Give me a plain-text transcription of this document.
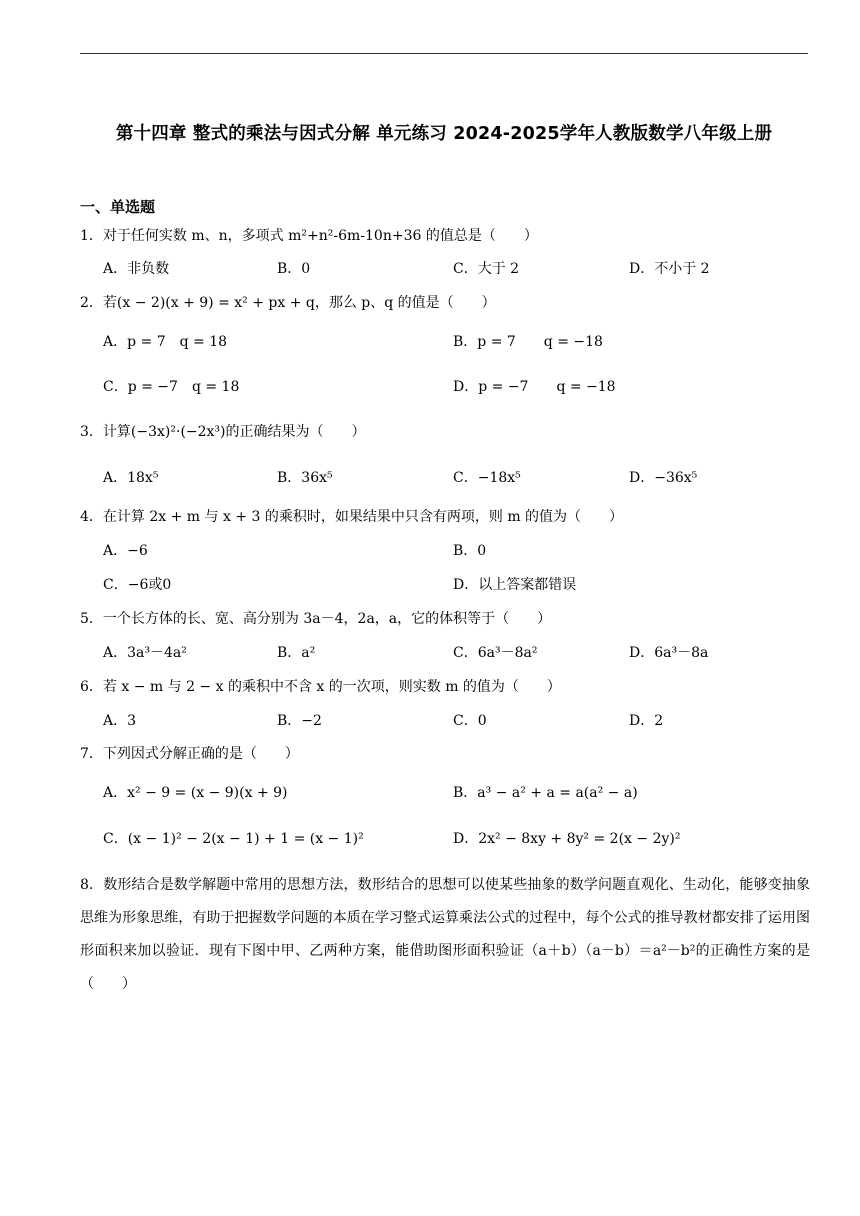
第十四章 整式的乘法与因式分解 单元练习 2024-2025学年人教版数学八年级上册
一、单选题
1．对于任何实数 m、n，多项式 m²+n²-6m-10n+36 的值总是（　　）
A．非负数	B．0	C．大于 2	D．不小于 2
2．若(x − 2)(x + 9) = x² + px + q，那么 p、q 的值是（　　）
A．p = 7　q = 18	B．p = 7　　q = −18
C．p = −7　q = 18	D．p = −7　　q = −18
3．计算(−3x)²·(−2x³)的正确结果为（　　）
A．18x⁵	B．36x⁵	C．−18x⁵	D．−36x⁵
4．在计算 2x + m 与 x + 3 的乘积时，如果结果中只含有两项，则 m 的值为（　　）
A．−6	B．0
C．−6或0	D．以上答案都错误
5．一个长方体的长、宽、高分别为 3a－4，2a，a，它的体积等于（　　）
A．3a³－4a²	B．a²	C．6a³－8a²	D．6a³－8a
6．若 x − m 与 2 − x 的乘积中不含 x 的一次项，则实数 m 的值为（　　）
A．3	B．−2	C．0	D．2
7．下列因式分解正确的是（　　）
A．x² − 9 = (x − 9)(x + 9)	B．a³ − a² + a = a(a² − a)
C．(x − 1)² − 2(x − 1) + 1 = (x − 1)²	D．2x² − 8xy + 8y² = 2(x − 2y)²
8．数形结合是数学解题中常用的思想方法，数形结合的思想可以使某些抽象的数学问题直观化、生动化，能够变抽象思维为形象思维，有助于把握数学问题的本质在学习整式运算乘法公式的过程中，每个公式的推导教材都安排了运用图形面积来加以验证．现有下图中甲、乙两种方案，能借助图形面积验证（a＋b）（a－b）＝a²－b²的正确性方案的是（　　）
